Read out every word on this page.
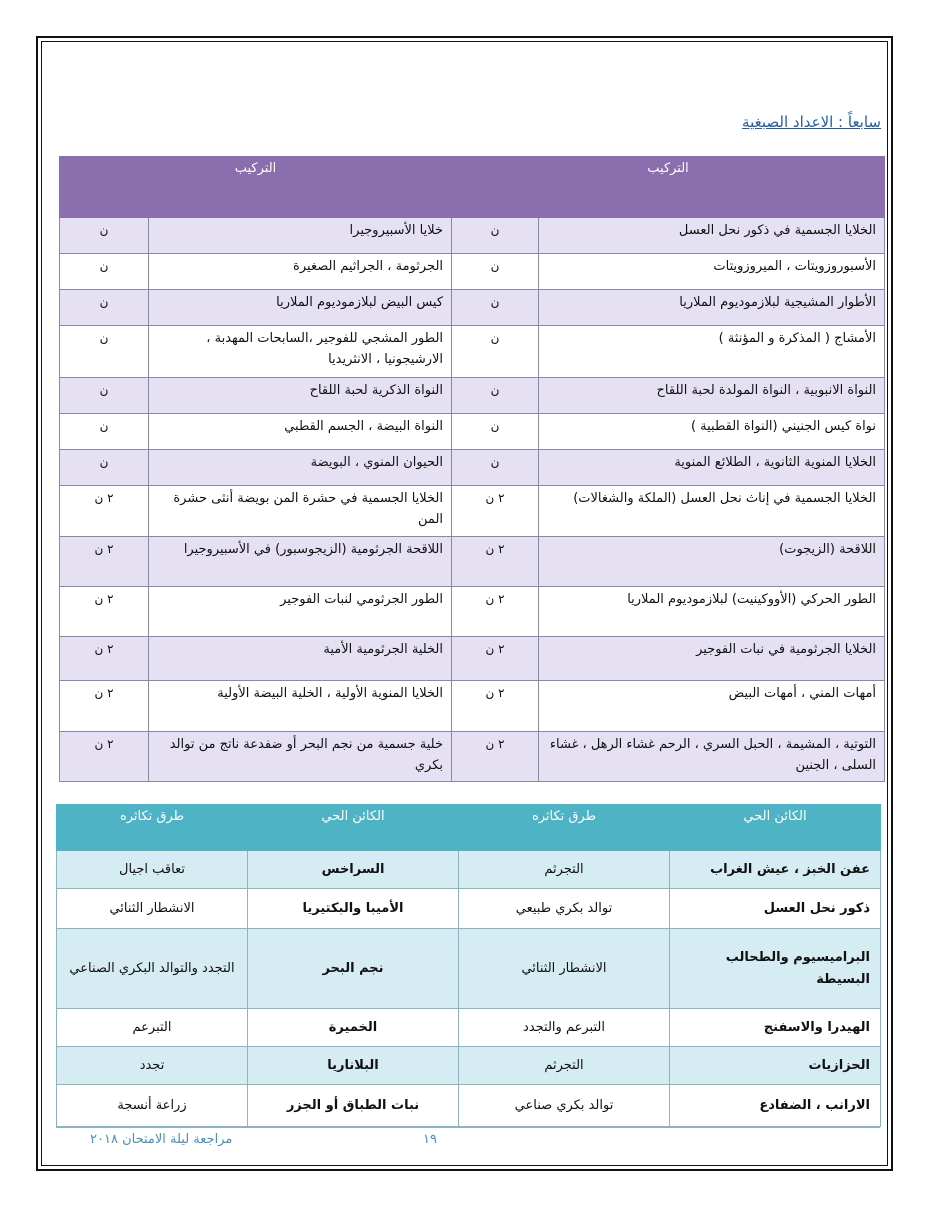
سابعاً : الاعداد الصبغية
التركيب		التركيب	
الخلايا الجسمية في ذكور نحل العسل	ن	خلايا الأسبيروجيرا	ن
الأسبوروزويتات ، الميروزويتات	ن	الجرثومة ، الجراثيم الصغيرة	ن
الأطوار المشيجية لبلازموديوم الملاريا	ن	كيس البيض لبلازموديوم الملاريا	ن
الأمشاج ( المذكرة و المؤنثة )	ن	الطور المشجي للفوجير ،السابحات المهدبة ، الارشيجونيا ، الانثريديا	ن
النواة الانبوبية ، النواة المولدة لحبة اللقاح	ن	النواة الذكرية لحبة اللقاح	ن
نواة كيس الجنيني (النواة القطبية )	ن	النواة البيضة ، الجسم القطبي	ن
الخلايا المنوية الثانوية ، الطلائع المنوية	ن	الحيوان المنوي ، البويضة	ن
الخلايا الجسمية في إناث نحل العسل (الملكة والشغالات)	٢ ن	الخلايا الجسمية في حشرة المن بويضة أنثى حشرة المن	٢ ن
اللاقحة (الزيجوت)	٢ ن	اللاقحة الجرثومية (الزيجوسبور) في الأسبيروجيرا	٢ ن
الطور الحركي (الأووكينيت) لبلازموديوم الملاريا	٢ ن	الطور الجرثومي لنبات الفوجير	٢ ن
الخلايا الجرثومية في نبات الفوجير	٢ ن	الخلية الجرثومية الأمية	٢ ن
أمهات المني ، أمهات البيض	٢ ن	الخلايا المنوية الأولية ، الخلية البيضة الأولية	٢ ن
التوتية ، المشيمة ، الحبل السري ، الرحم غشاء الرهل ، غشاء السلى ، الجنين	٢ ن	خلية جسمية من نجم البحر أو ضفدعة ناتج من توالد بكري	٢ ن
الكائن الحي	طرق تكاثره	الكائن الحي	طرق تكاثره
عفن الخبز ، عيش الغراب	التجرثم	السراخس	تعاقب اجيال
ذكور نحل العسل	توالد بكري طبيعي	الأميبا والبكتيريا	الانشطار الثنائي
البراميسيوم والطحالب البسيطة	الانشطار الثنائي	نجم البحر	التجدد والتوالد البكري الصناعي
الهيدرا والاسفنج	التبرعم والتجدد	الخميرة	التبرعم
الحزازيات	التجرثم	البلاناريا	تجدد
الارانب ، الضفادع	توالد بكري صناعي	نبات الطباق أو الجزر	زراعة أنسجة
١٩
مراجعة ليلة الامتحان ٢٠١٨
